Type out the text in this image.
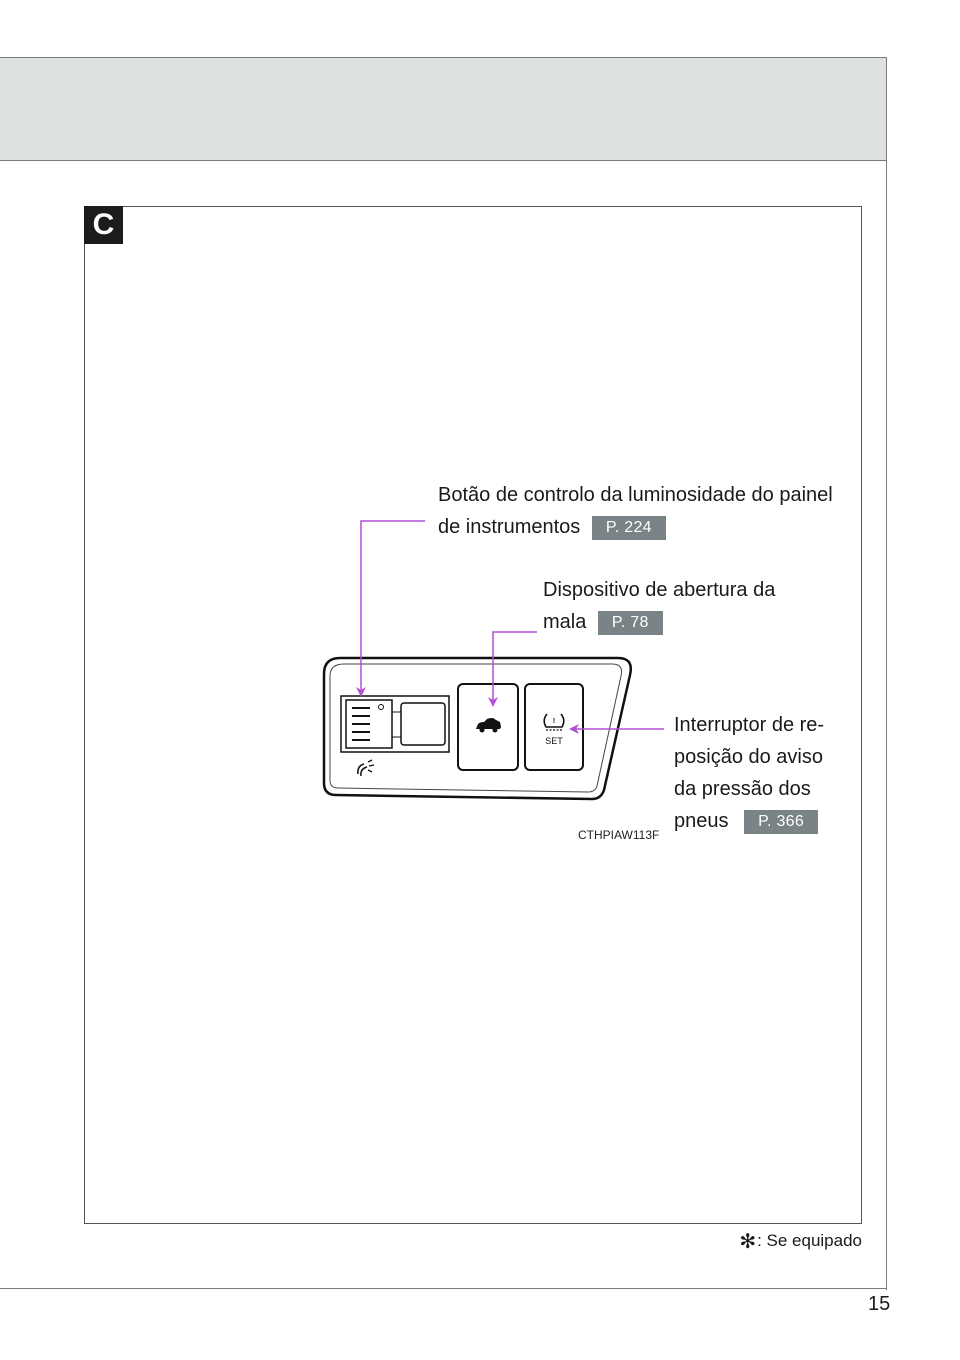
C
Botão de controlo da luminosidade do painel
de instrumentos P. 224
Dispositivo de abertura da
mala P. 78
Interruptor de re-
posição do aviso
da pressão dos
pneus P. 366
!
SET
CTHPIAW113F
✻: Se equipado
15
